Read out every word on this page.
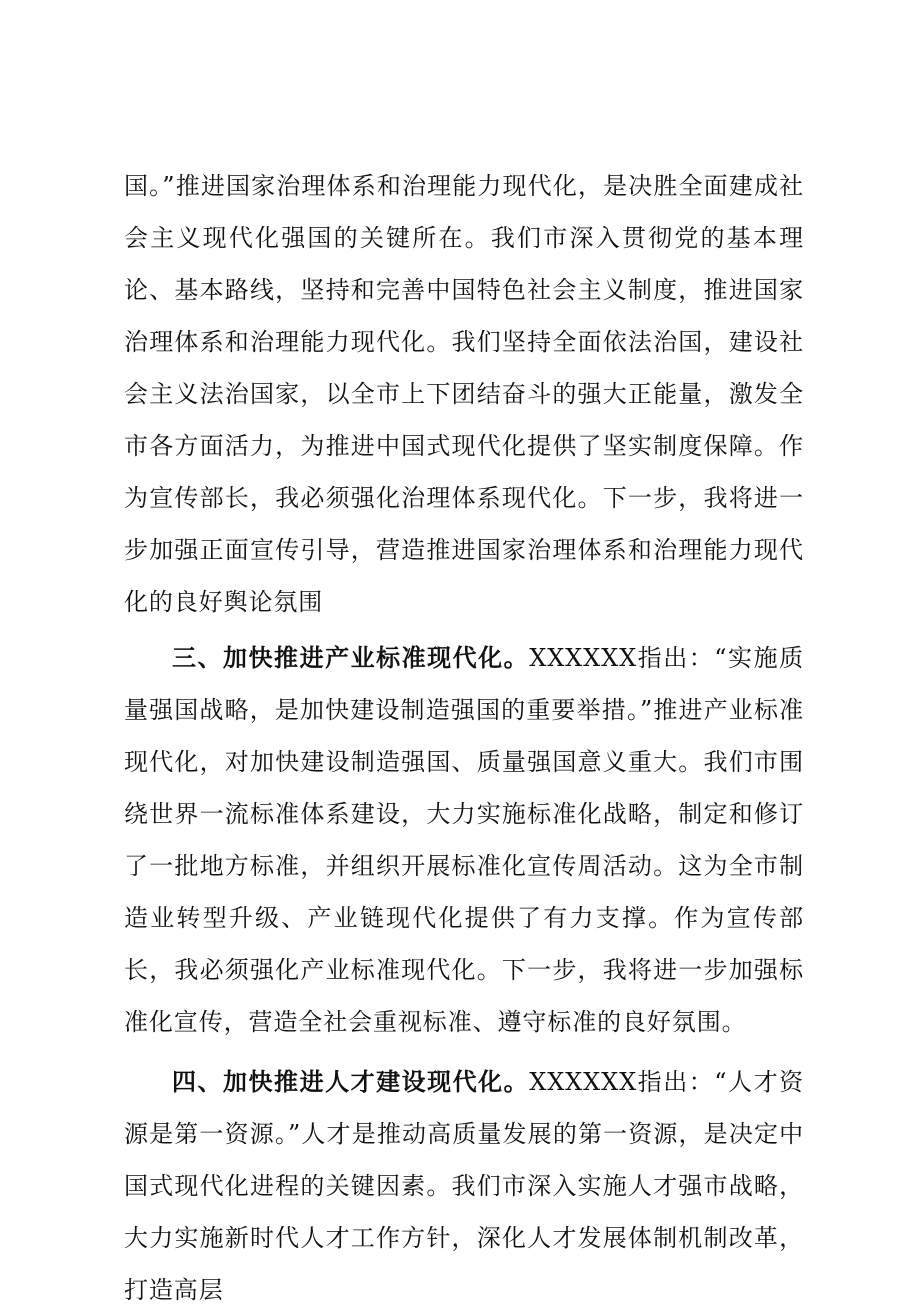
国。”推进国家治理体系和治理能力现代化，是决胜全面建成社会主义现代化强国的关键所在。我们市深入贯彻党的基本理论、基本路线，坚持和完善中国特色社会主义制度，推进国家治理体系和治理能力现代化。我们坚持全面依法治国，建设社会主义法治国家，以全市上下团结奋斗的强大正能量，激发全市各方面活力，为推进中国式现代化提供了坚实制度保障。作为宣传部长，我必须强化治理体系现代化。下一步，我将进一步加强正面宣传引导，营造推进国家治理体系和治理能力现代化的良好舆论氛围

三、加快推进产业标准现代化。XXXXXX指出：“实施质量强国战略，是加快建设制造强国的重要举措。”推进产业标准现代化，对加快建设制造强国、质量强国意义重大。我们市围绕世界一流标准体系建设，大力实施标准化战略，制定和修订了一批地方标准，并组织开展标准化宣传周活动。这为全市制造业转型升级、产业链现代化提供了有力支撑。作为宣传部长，我必须强化产业标准现代化。下一步，我将进一步加强标准化宣传，营造全社会重视标准、遵守标准的良好氛围。

四、加快推进人才建设现代化。XXXXXX指出：“人才资源是第一资源。”人才是推动高质量发展的第一资源，是决定中国式现代化进程的关键因素。我们市深入实施人才强市战略，大力实施新时代人才工作方针，深化人才发展体制机制改革，打造高层
